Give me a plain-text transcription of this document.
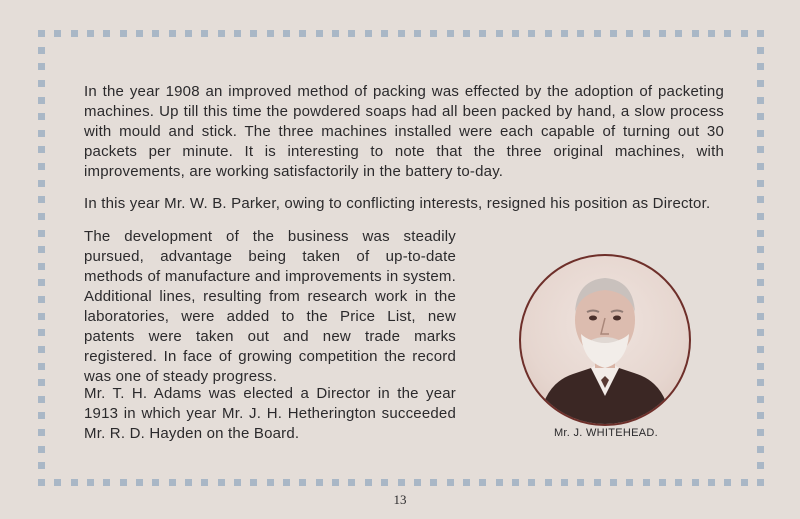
In the year 1908 an improved method of packing was effected by the adoption of packeting machines. Up till this time the powdered soaps had all been packed by hand, a slow process with mould and stick. The three machines installed were each capable of turning out 30 packets per minute. It is interesting to note that the three original machines, with improvements, are working satisfactorily in the battery to-day.

In this year Mr. W. B. Parker, owing to conflicting interests, resigned his position as Director.

The development of the business was steadily pursued, advantage being taken of up-to-date methods of manufacture and improvements in system. Additional lines, resulting from research work in the laboratories, were added to the Price List, new patents were taken out and new trade marks registered. In face of growing competition the record was one of steady progress.

Mr. T. H. Adams was elected a Director in the year 1913 in which year Mr. J. H. Hetherington succeeded Mr. R. D. Hayden on the Board.	Mr. J. WHITEHEAD.
13
